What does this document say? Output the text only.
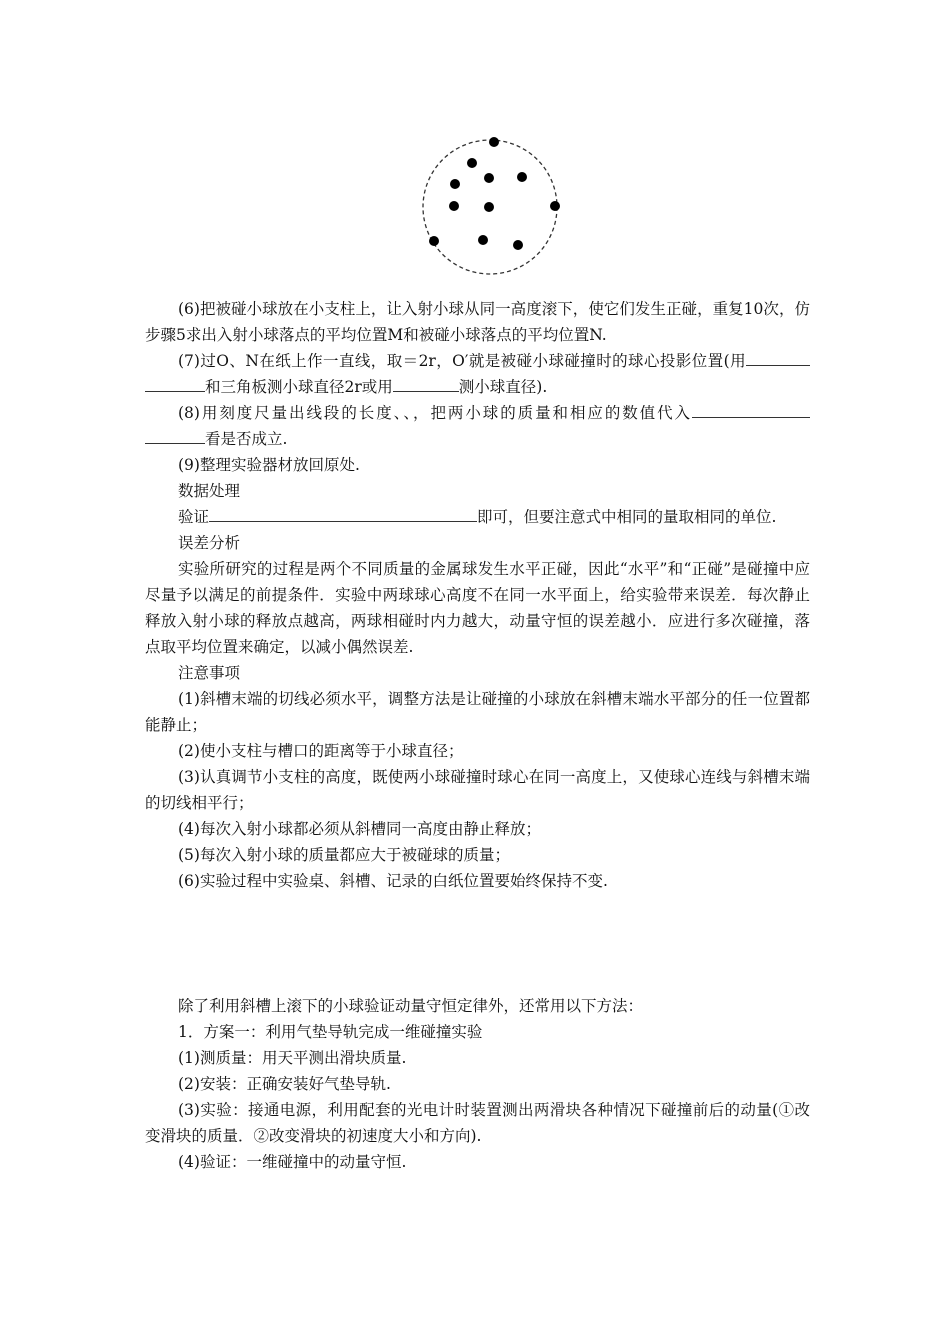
(6)把被碰小球放在小支柱上，让入射小球从同一高度滚下，使它们发生正碰，重复10次，仿步骤5求出入射小球落点的平均位置M和被碰小球落点的平均位置N.

(7)过O、N在纸上作一直线，取＝2r，O′就是被碰小球碰撞时的球心投影位置(用和三角板测小球直径2r或用	测小球直径).

(8)用刻度尺量出线段的长度、、，把两小球的质量和相应的数值代入看是否成立.

(9)整理实验器材放回原处.

数据处理

验证	即可，但要注意式中相同的量取相同的单位.

误差分析

实验所研究的过程是两个不同质量的金属球发生水平正碰，因此“水平”和“正碰”是碰撞中应尽量予以满足的前提条件．实验中两球球心高度不在同一水平面上，给实验带来误差．每次静止释放入射小球的释放点越高，两球相碰时内力越大，动量守恒的误差越小．应进行多次碰撞，落点取平均位置来确定，以减小偶然误差.

注意事项

(1)斜槽末端的切线必须水平，调整方法是让碰撞的小球放在斜槽末端水平部分的任一位置都能静止；

(2)使小支柱与槽口的距离等于小球直径；

(3)认真调节小支柱的高度，既使两小球碰撞时球心在同一高度上，又使球心连线与斜槽末端的切线相平行；

(4)每次入射小球都必须从斜槽同一高度由静止释放；

(5)每次入射小球的质量都应大于被碰球的质量；

(6)实验过程中实验桌、斜槽、记录的白纸位置要始终保持不变.

除了利用斜槽上滚下的小球验证动量守恒定律外，还常用以下方法：

1．方案一：利用气垫导轨完成一维碰撞实验

(1)测质量：用天平测出滑块质量.

(2)安装：正确安装好气垫导轨.

(3)实验：接通电源，利用配套的光电计时装置测出两滑块各种情况下碰撞前后的动量(①改变滑块的质量．②改变滑块的初速度大小和方向).

(4)验证：一维碰撞中的动量守恒.
